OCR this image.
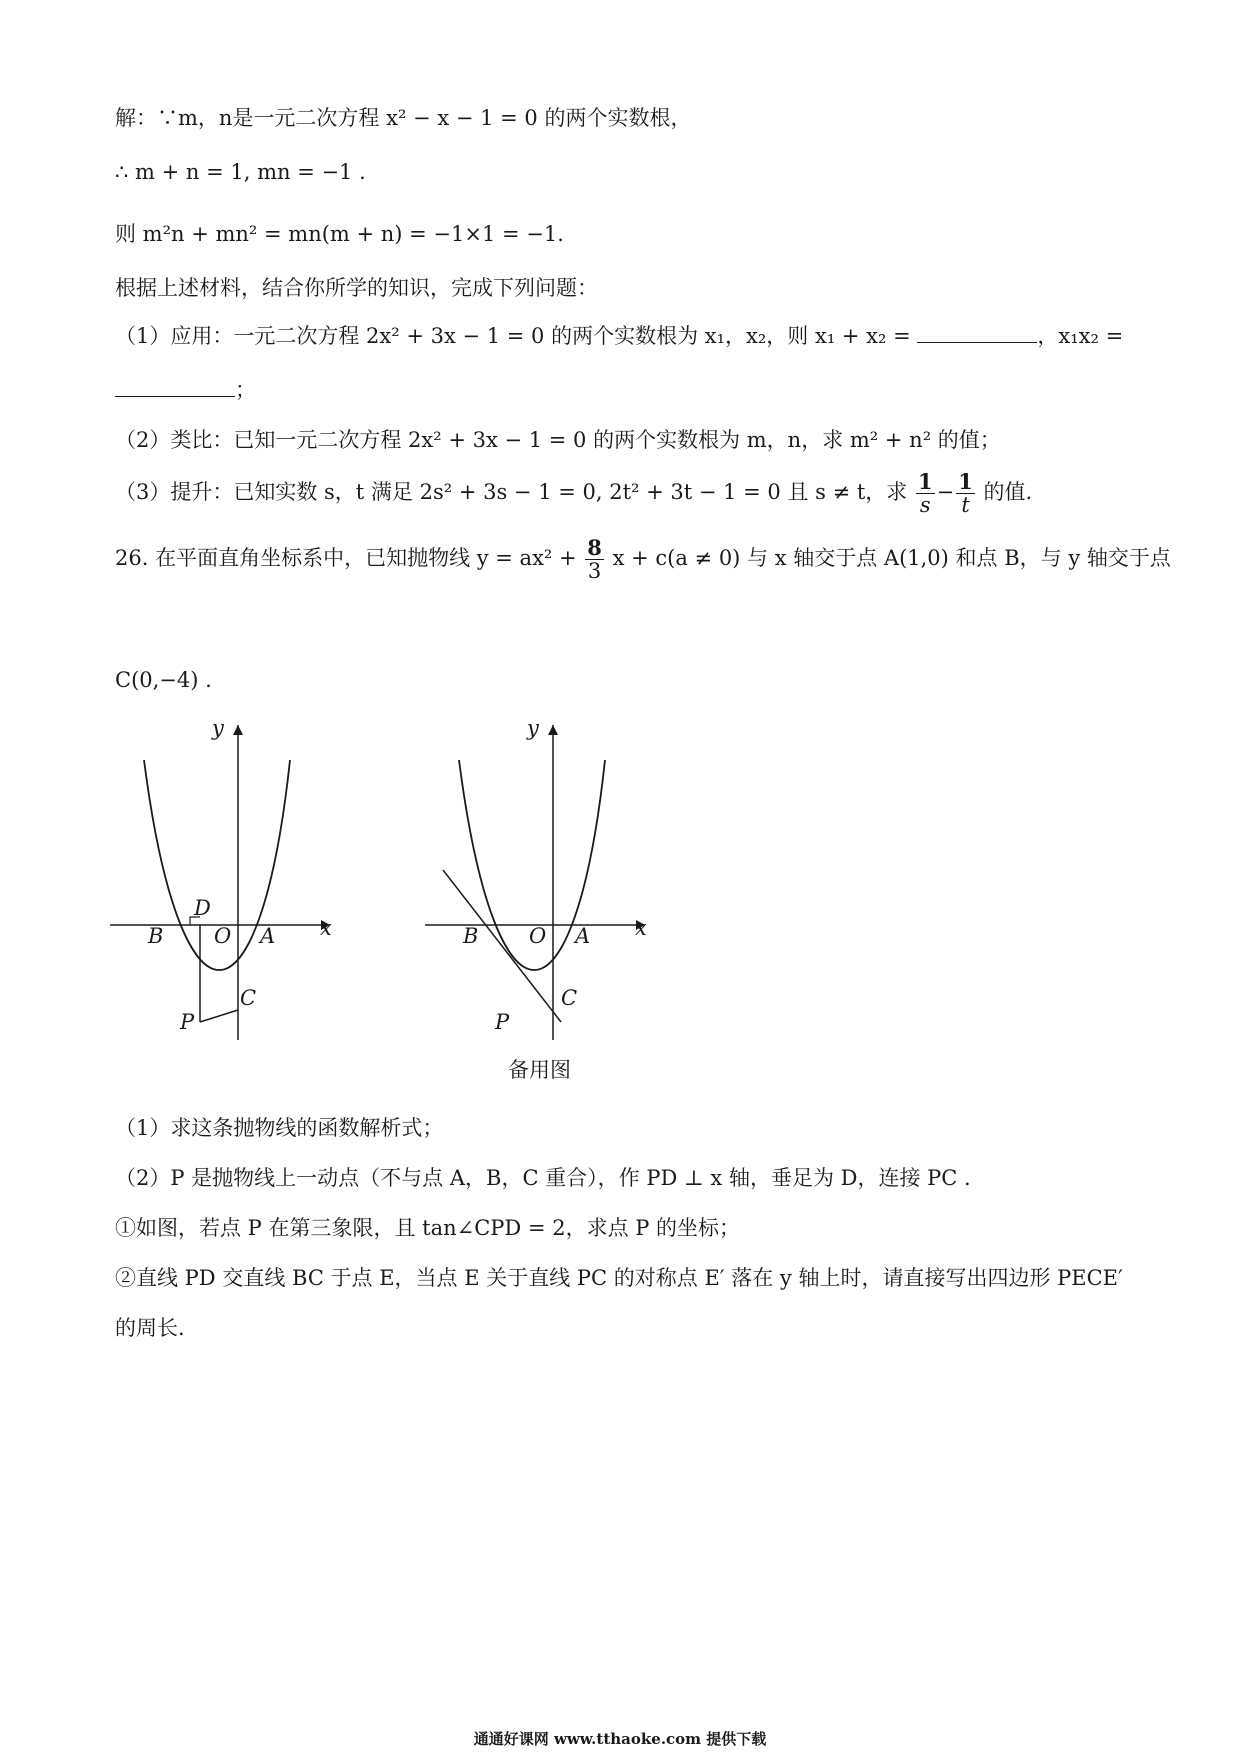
解：∵m，n是一元二次方程 x² − x − 1 = 0 的两个实数根，
∴ m + n = 1, mn = −1 .
则 m²n + mn² = mn(m + n) = −1×1 = −1.
根据上述材料，结合你所学的知识，完成下列问题：
（1）应用：一元二次方程 2x² + 3x − 1 = 0 的两个实数根为 x₁，x₂，则 x₁ + x₂ =	，x₁x₂ =
；
（2）类比：已知一元二次方程 2x² + 3x − 1 = 0 的两个实数根为 m，n，求 m² + n² 的值；
（3）提升：已知实数 s，t 满足 2s² + 3s − 1 = 0, 2t² + 3t − 1 = 0 且 s ≠ t，求 $\frac{1}{s} - \frac{1}{t}$ 的值.
26. 在平面直角坐标系中，已知抛物线 $y = ax^2 + \frac{8}{3}$ x + c(a ≠ 0) 与 x 轴交于点 A(1,0) 和点 B，与 y 轴交于点
C(0,−4) .
y
x
B O A
D
C
P
y
x
B O A
C
P
备用图
（1）求这条抛物线的函数解析式；
（2）P 是抛物线上一动点（不与点 A，B，C 重合），作 PD ⊥ x 轴，垂足为 D，连接 PC .
①如图，若点 P 在第三象限，且 tan∠CPD = 2，求点 P 的坐标；
②直线 PD 交直线 BC 于点 E，当点 E 关于直线 PC 的对称点 E′ 落在 y 轴上时，请直接写出四边形 PECE′
的周长.
通通好课网 www.tthaoke.com 提供下载
